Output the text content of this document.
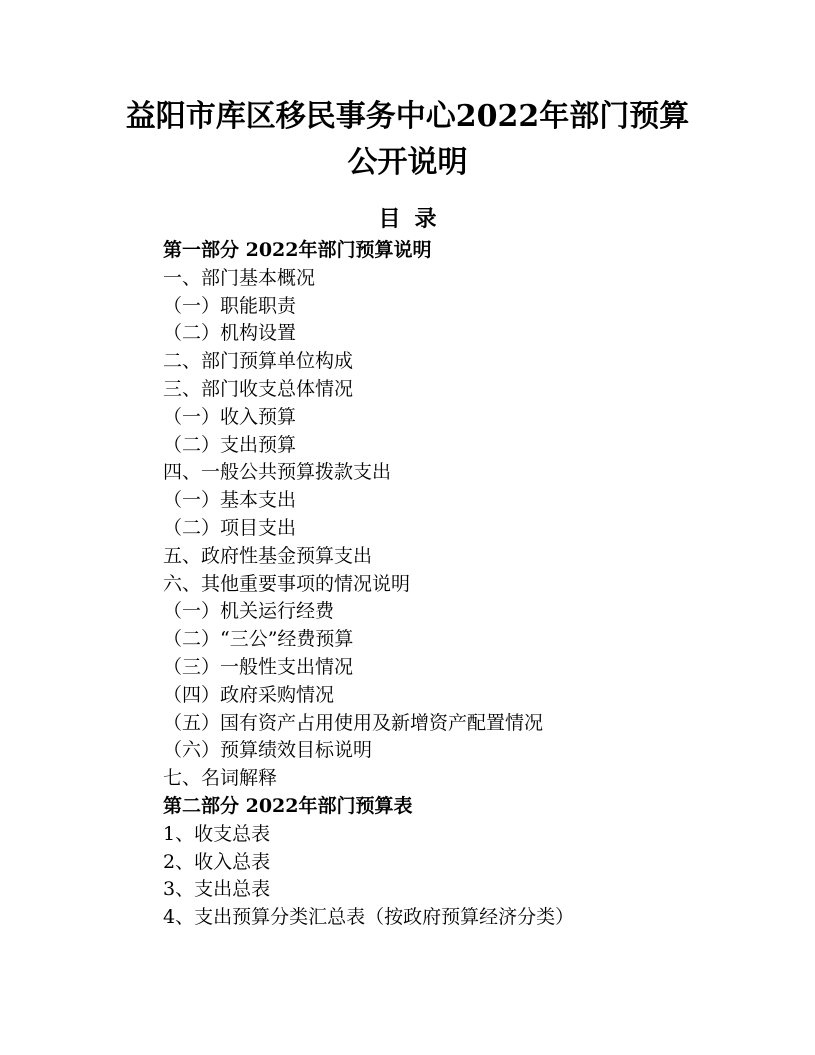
益阳市库区移民事务中心2022年部门预算
公开说明
目录
第一部分 2022年部门预算说明
一、部门基本概况
（一）职能职责
（二）机构设置
二、部门预算单位构成
三、部门收支总体情况
（一）收入预算
（二）支出预算
四、一般公共预算拨款支出
（一）基本支出
（二）项目支出
五、政府性基金预算支出
六、其他重要事项的情况说明
（一）机关运行经费
（二）“三公”经费预算
（三）一般性支出情况
（四）政府采购情况
（五）国有资产占用使用及新增资产配置情况
（六）预算绩效目标说明
七、名词解释
第二部分 2022年部门预算表
1、收支总表
2、收入总表
3、支出总表
4、支出预算分类汇总表（按政府预算经济分类）
